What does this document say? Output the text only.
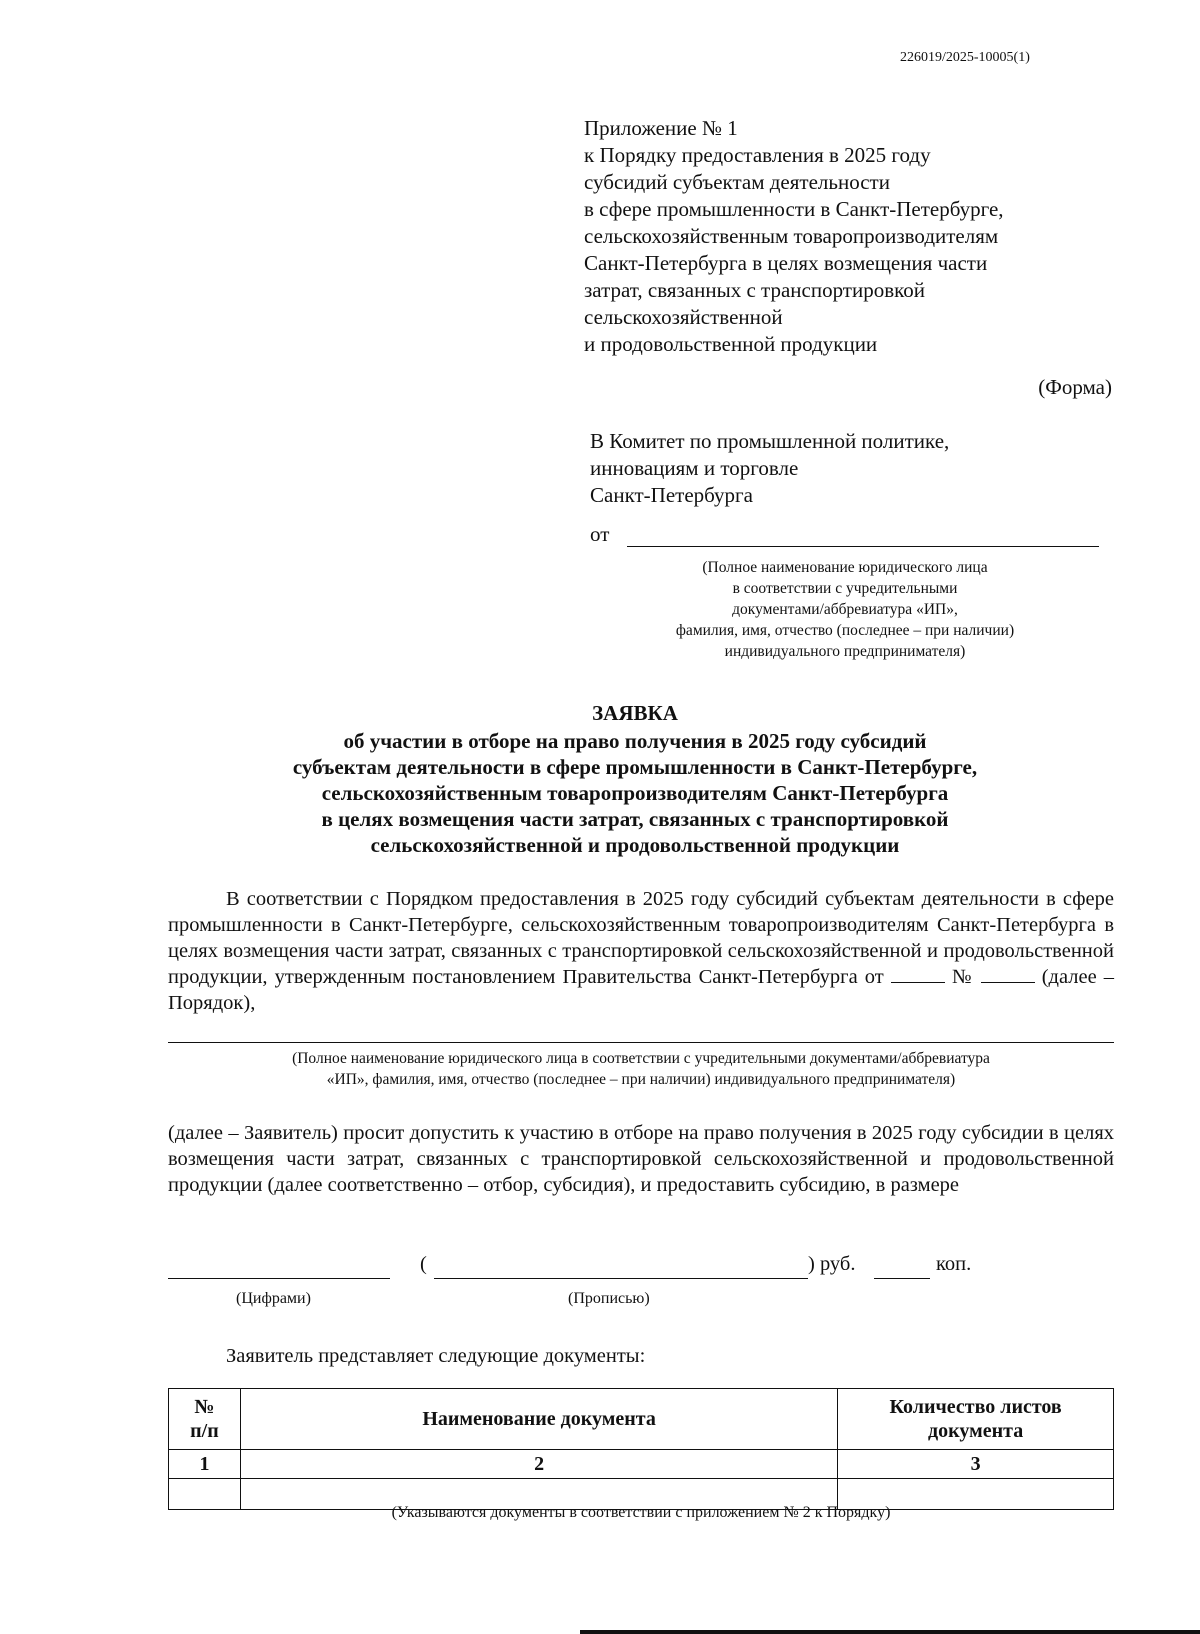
226019/2025-10005(1)
Приложение № 1
к Порядку предоставления в 2025 году
субсидий субъектам деятельности
в сфере промышленности в Санкт-Петербурге,
сельскохозяйственным товаропроизводителям
Санкт-Петербурга в целях возмещения части
затрат, связанных с транспортировкой
сельскохозяйственной
и продовольственной продукции
(Форма)
В Комитет по промышленной политике,
инновациям и торговле
Санкт-Петербурга
от
(Полное наименование юридического лица
в соответствии с учредительными
документами/аббревиатура «ИП»,
фамилия, имя, отчество (последнее – при наличии)
индивидуального предпринимателя)
ЗАЯВКА
об участии в отборе на право получения в 2025 году субсидий
субъектам деятельности в сфере промышленности в Санкт-Петербурге,
сельскохозяйственным товаропроизводителям Санкт-Петербурга
в целях возмещения части затрат, связанных с транспортировкой
сельскохозяйственной и продовольственной продукции
В соответствии с Порядком предоставления в 2025 году субсидий субъектам деятельности в сфере промышленности в Санкт-Петербурге, сельскохозяйственным товаропроизводителям Санкт-Петербурга в целях возмещения части затрат, связанных с транспортировкой сельскохозяйственной и продовольственной продукции, утвержденным постановлением Правительства Санкт-Петербурга от	№	(далее – Порядок),
(Полное наименование юридического лица в соответствии с учредительными документами/аббревиатура
«ИП», фамилия, имя, отчество (последнее – при наличии) индивидуального предпринимателя)
(далее – Заявитель) просит допустить к участию в отборе на право получения в 2025 году субсидии в целях возмещения части затрат, связанных с транспортировкой сельскохозяйственной и продовольственной продукции (далее соответственно – отбор, субсидия), и предоставить субсидию, в размере
(	) руб.	коп.
(Цифрами)	(Прописью)
Заявитель представляет следующие документы:
№
п/п	Наименование документа	Количество листов документа
1	2	3

(Указываются документы в соответствии с приложением № 2 к Порядку)
